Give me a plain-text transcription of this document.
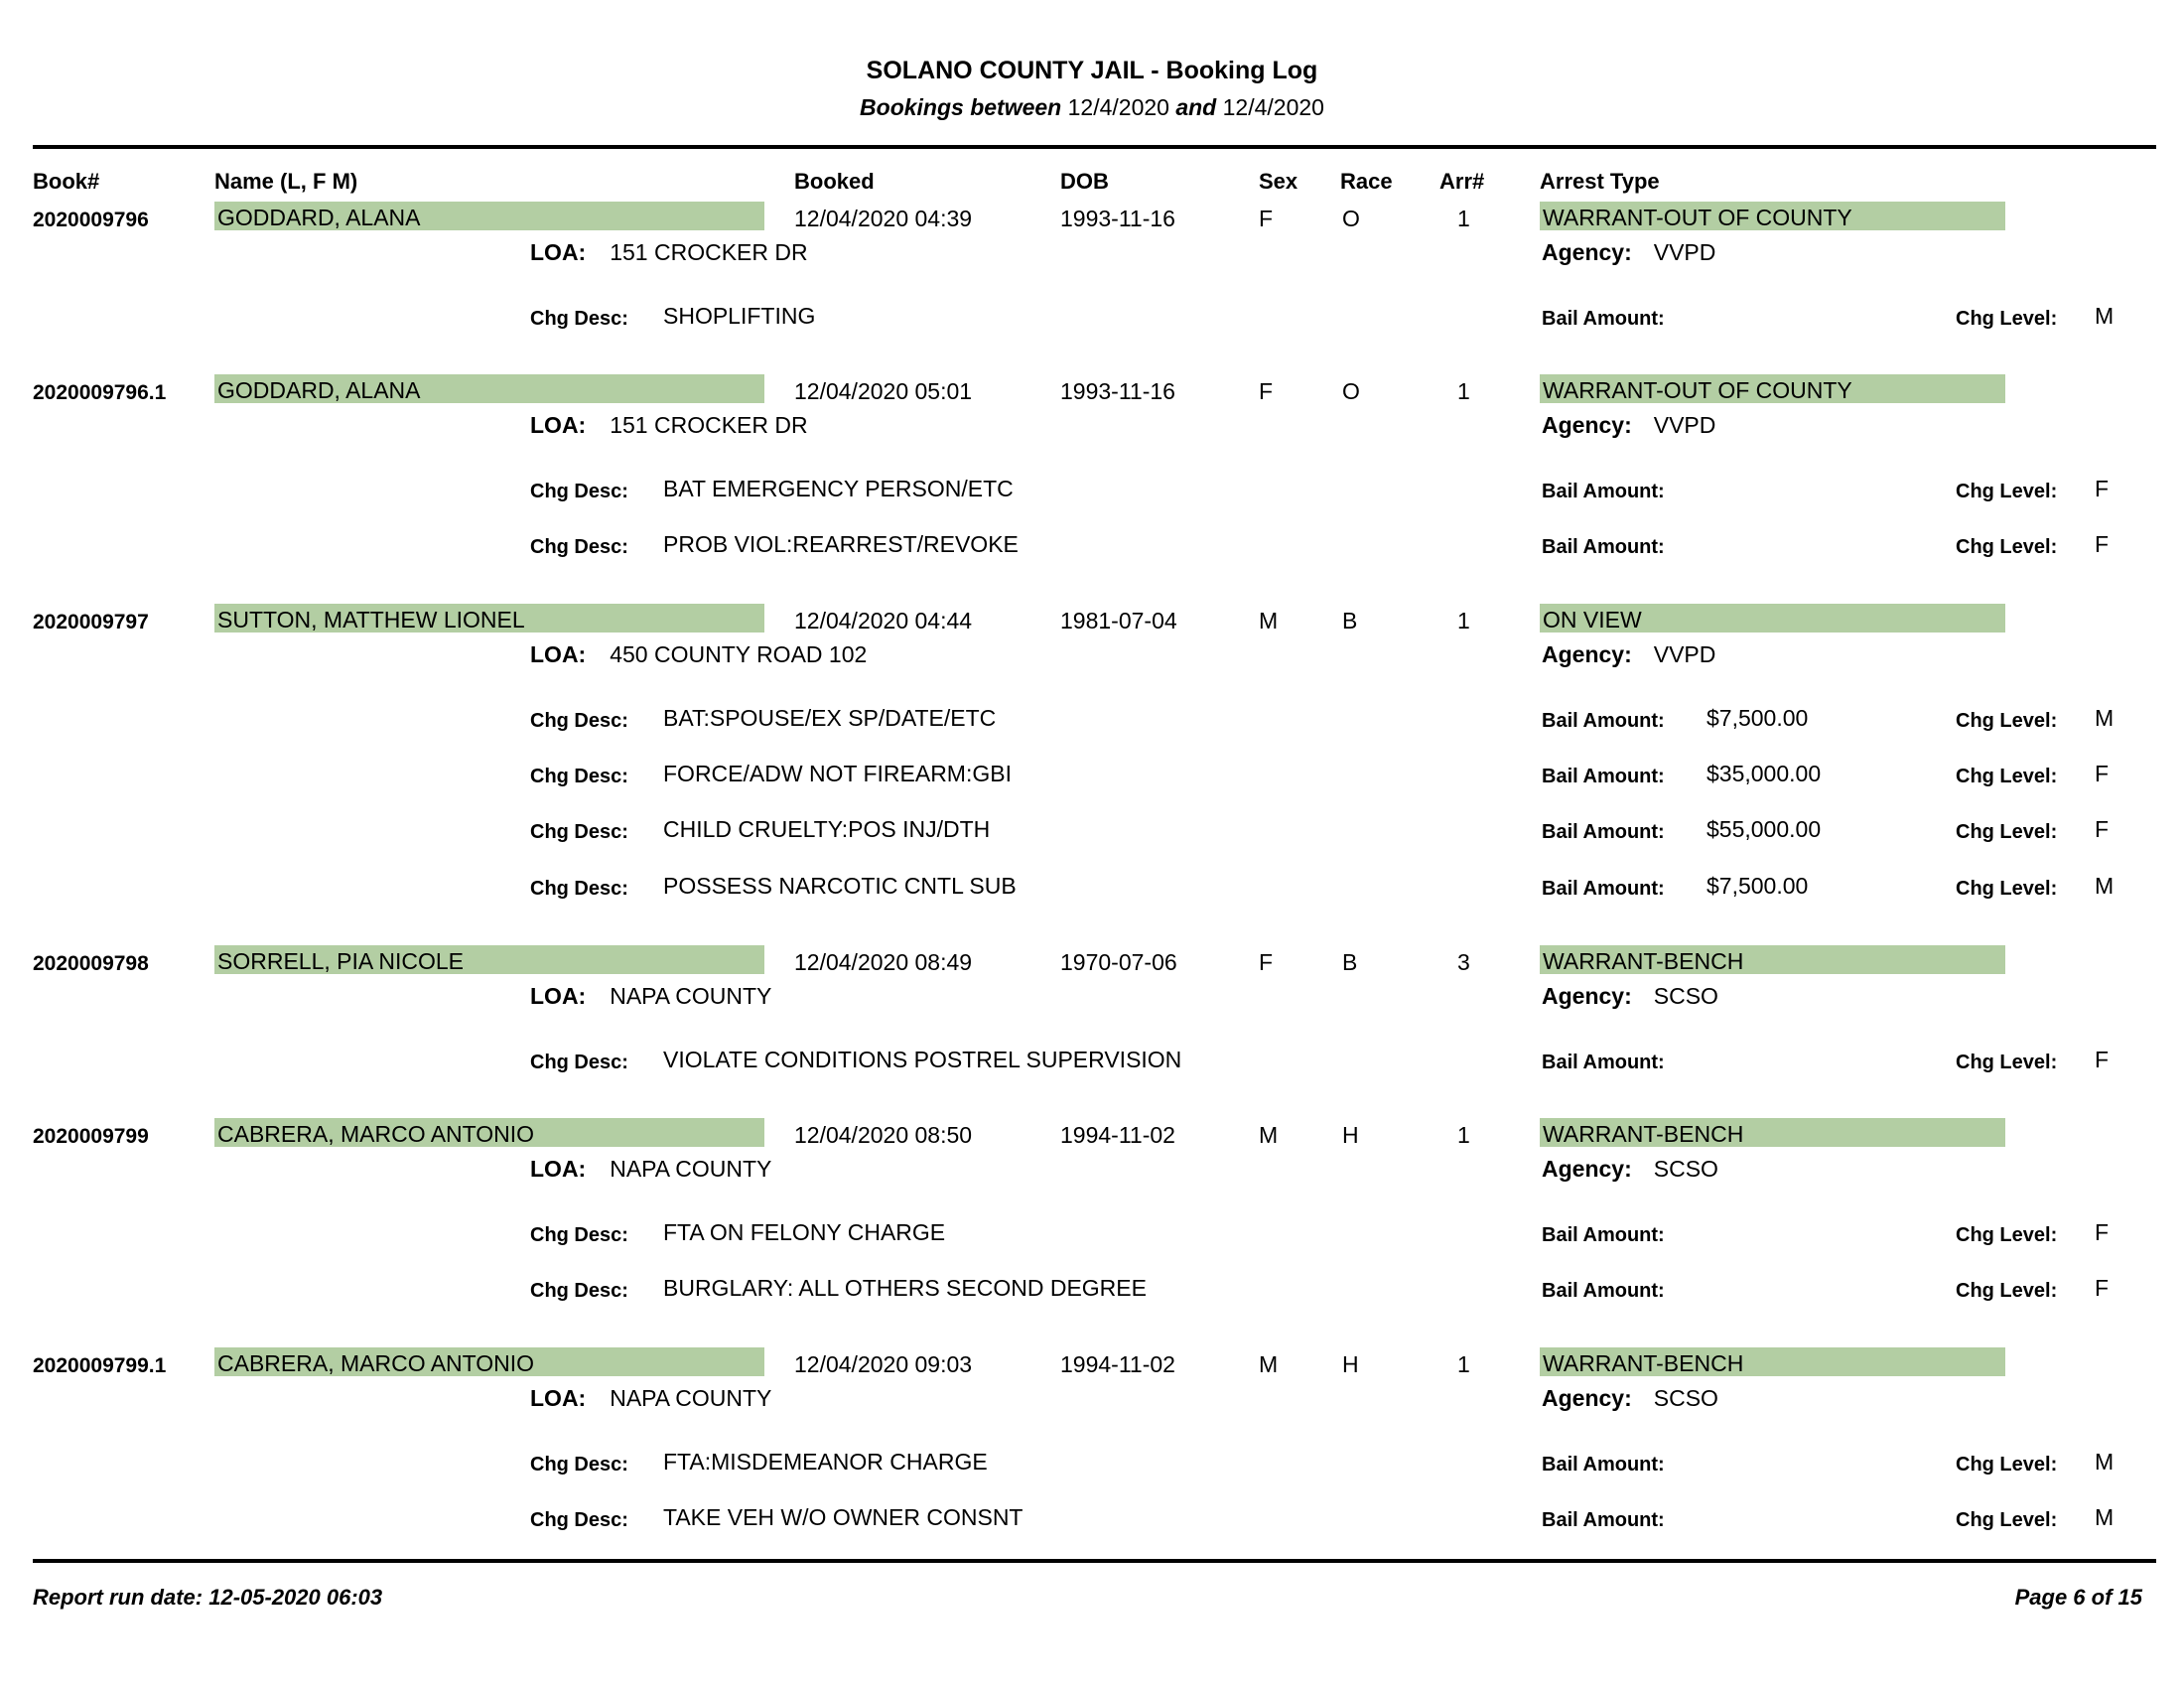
SOLANO COUNTY JAIL - Booking Log
Bookings between 12/4/2020 and 12/4/2020
Book#	Name (L, F M)	Booked	DOB	Sex Race Arr#	Arrest Type
2020009796	GODDARD, ALANA	12/04/2020 04:39	1993-11-16	F	O	1	WARRANT-OUT OF COUNTY
LOA: 151 CROCKER DR	Agency: VVPD
Chg Desc: SHOPLIFTING	Bail Amount:	Chg Level: M
2020009796.1 GODDARD, ALANA	12/04/2020 05:01	1993-11-16	F	O	1	WARRANT-OUT OF COUNTY
LOA: 151 CROCKER DR	Agency: VVPD
Chg Desc: BAT EMERGENCY PERSON/ETC	Bail Amount:	Chg Level: F
Chg Desc: PROB VIOL:REARREST/REVOKE	Bail Amount:	Chg Level: F
2020009797	SUTTON, MATTHEW LIONEL	12/04/2020 04:44	1981-07-04	M	B	1	ON VIEW
LOA: 450 COUNTY ROAD 102	Agency: VVPD
Chg Desc: BAT:SPOUSE/EX SP/DATE/ETC	Bail Amount: $7,500.00	Chg Level: M
Chg Desc: FORCE/ADW NOT FIREARM:GBI	Bail Amount: $35,000.00	Chg Level: F
Chg Desc: CHILD CRUELTY:POS INJ/DTH	Bail Amount: $55,000.00	Chg Level: F
Chg Desc: POSSESS NARCOTIC CNTL SUB	Bail Amount: $7,500.00	Chg Level: M
2020009798	SORRELL, PIA NICOLE	12/04/2020 08:49	1970-07-06	F	B	3	WARRANT-BENCH
LOA: NAPA COUNTY	Agency: SCSO
Chg Desc: VIOLATE CONDITIONS POSTREL SUPERVISION	Bail Amount:	Chg Level: F
2020009799	CABRERA, MARCO ANTONIO	12/04/2020 08:50	1994-11-02	M	H	1	WARRANT-BENCH
LOA: NAPA COUNTY	Agency: SCSO
Chg Desc: FTA ON FELONY CHARGE	Bail Amount:	Chg Level: F
Chg Desc: BURGLARY: ALL OTHERS SECOND DEGREE	Bail Amount:	Chg Level: F
2020009799.1 CABRERA, MARCO ANTONIO	12/04/2020 09:03	1994-11-02	M	H	1	WARRANT-BENCH
LOA: NAPA COUNTY	Agency: SCSO
Chg Desc: FTA:MISDEMEANOR CHARGE	Bail Amount:	Chg Level: M
Chg Desc: TAKE VEH W/O OWNER CONSNT	Bail Amount:	Chg Level: M
Report run date: 12-05-2020 06:03	Page 6 of 15
